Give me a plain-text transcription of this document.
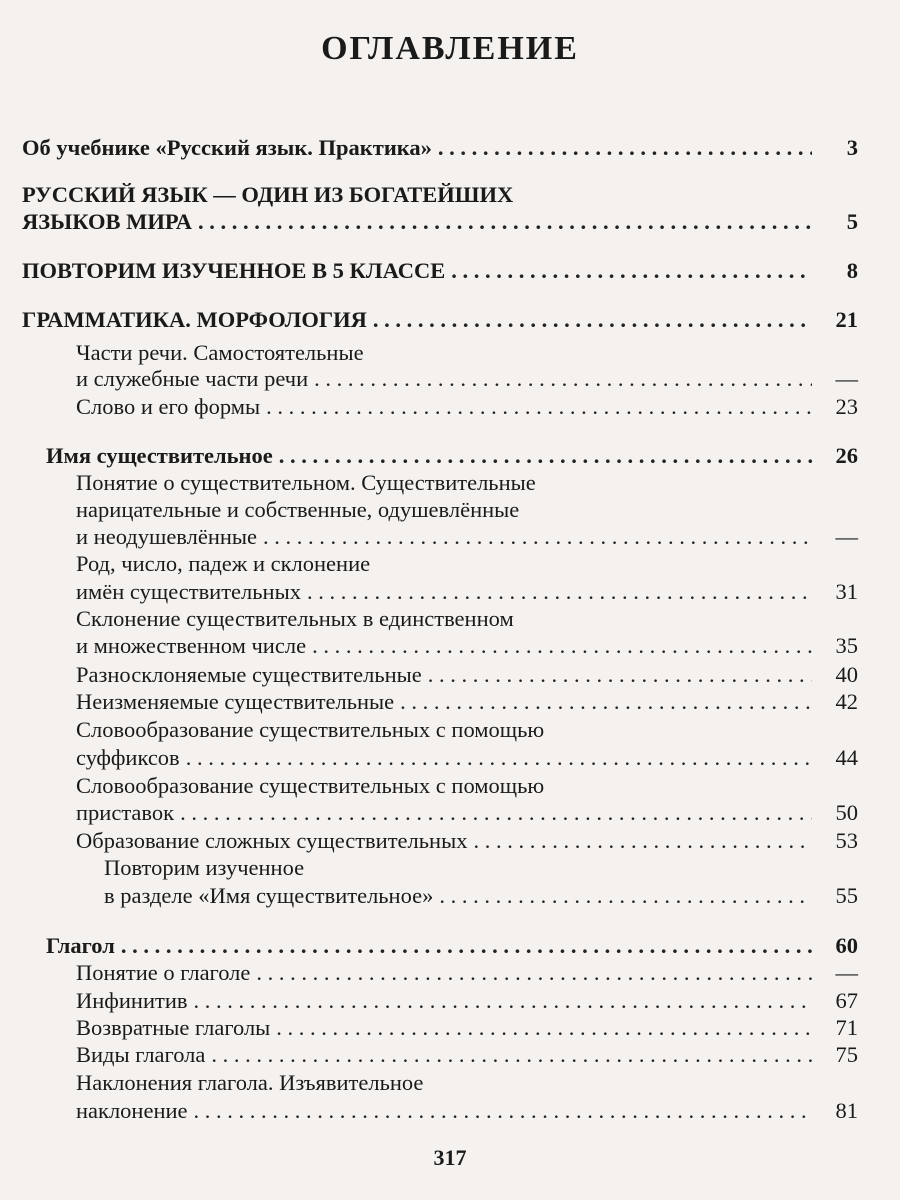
ОГЛАВЛЕНИЕ
Об учебнике «Русский язык. Практика» . . .	3
РУССКИЙ ЯЗЫК — ОДИН ИЗ БОГАТЕЙШИХ
ЯЗЫКОВ МИРА . . .	5
ПОВТОРИМ ИЗУЧЕННОЕ В 5 КЛАССЕ . . .	8
ГРАММАТИКА. МОРФОЛОГИЯ . . .	21
Части речи. Самостоятельные
и служебные части речи . . .	—
Слово и его формы . . .	23
Имя существительное . . .	26
Понятие о существительном. Существительные
нарицательные и собственные, одушевлённые
и неодушевлённые . . .	—
Род, число, падеж и склонение
имён существительных . . .	31
Склонение существительных в единственном
и множественном числе . . .	35
Разносклоняемые существительные . . .	40
Неизменяемые существительные . . .	42
Словообразование существительных с помощью
суффиксов . . .	44
Словообразование существительных с помощью
приставок . . .	50
Образование сложных существительных . . .	53
Повторим изученное
в разделе «Имя существительное» . . .	55
Глагол . . .	60
Понятие о глаголе . . .	—
Инфинитив . . .	67
Возвратные глаголы . . .	71
Виды глагола . . .	75
Наклонения глагола. Изъявительное
наклонение . . .	81
317
